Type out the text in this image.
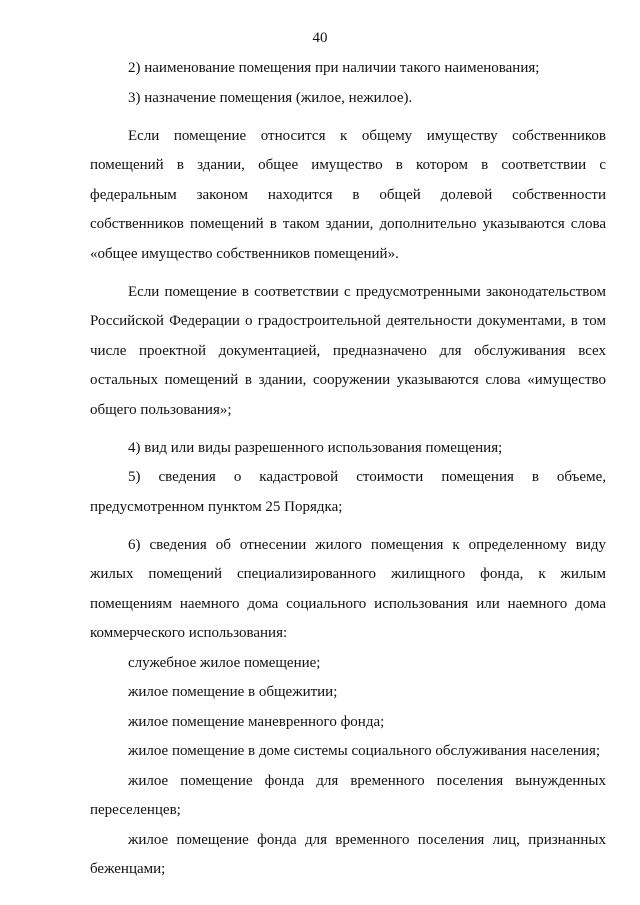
40

2) наименование помещения при наличии такого наименования;

3) назначение помещения (жилое, нежилое).

Если помещение относится к общему имуществу собственников помещений в здании, общее имущество в котором в соответствии с федеральным законом находится в общей долевой собственности собственников помещений в таком здании, дополнительно указываются слова «общее имущество собственников помещений».

Если помещение в соответствии с предусмотренными законодательством Российской Федерации о градостроительной деятельности документами, в том числе проектной документацией, предназначено для обслуживания всех остальных помещений в здании, сооружении указываются слова «имущество общего пользования»;

4) вид или виды разрешенного использования помещения;

5) сведения о кадастровой стоимости помещения в объеме, предусмотренном пунктом 25 Порядка;

6) сведения об отнесении жилого помещения к определенному виду жилых помещений специализированного жилищного фонда, к жилым помещениям наемного дома социального использования или наемного дома коммерческого использования:

служебное жилое помещение;

жилое помещение в общежитии;

жилое помещение маневренного фонда;

жилое помещение в доме системы социального обслуживания населения;

жилое помещение фонда для временного поселения вынужденных переселенцев;

жилое помещение фонда для временного поселения лиц, признанных беженцами;
